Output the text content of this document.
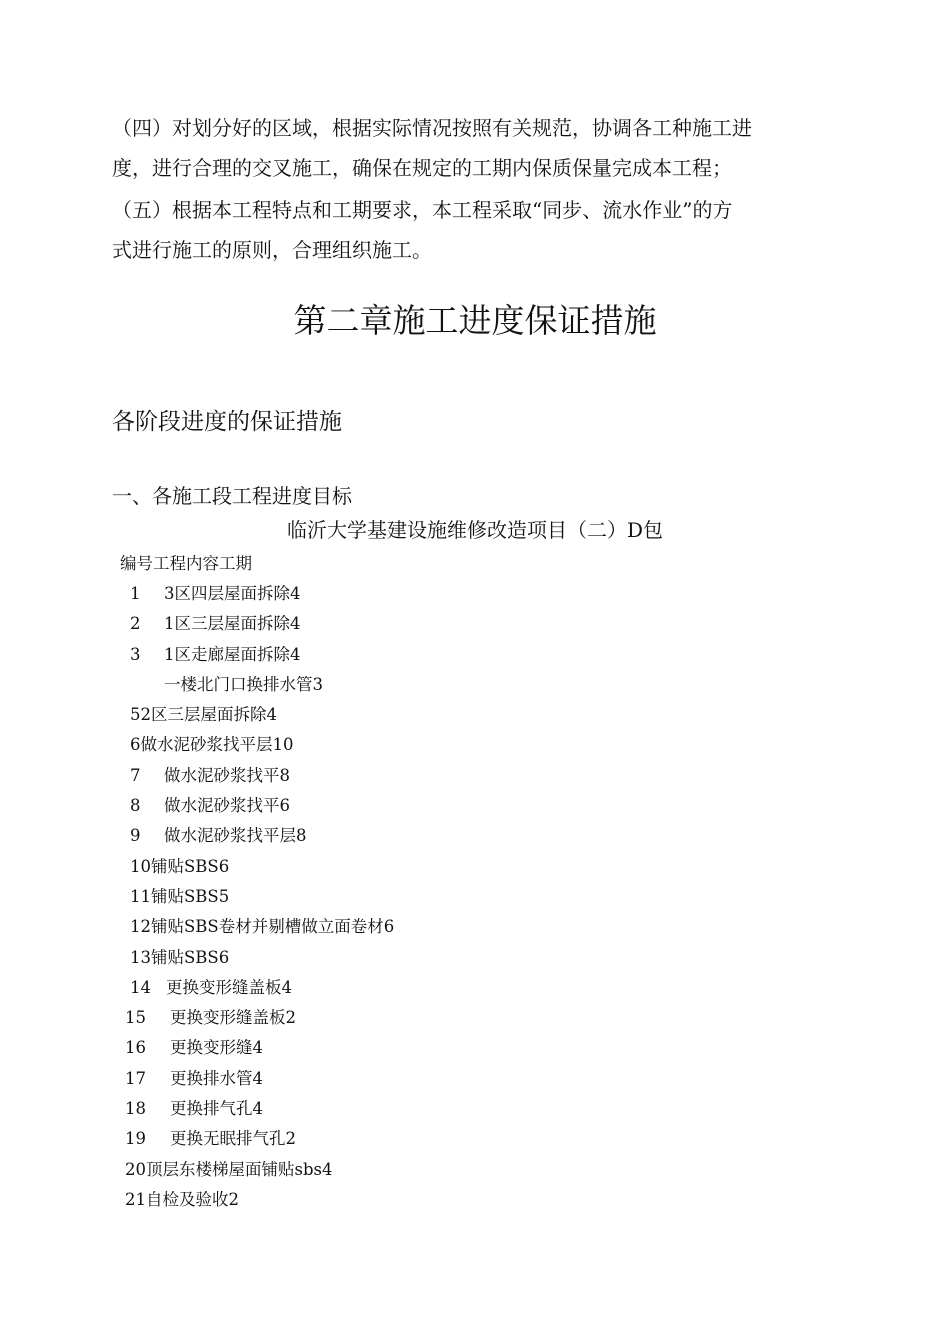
（四）对划分好的区域，根据实际情况按照有关规范，协调各工种施工进

度，进行合理的交叉施工，确保在规定的工期内保质保量完成本工程；

（五）根据本工程特点和工期要求，本工程采取“同步、流水作业”的方

式进行施工的原则，合理组织施工。

第二章施工进度保证措施
各阶段进度的保证措施
一、各施工段工程进度目标
临沂大学基建设施维修改造项目（二）D包
编号工程内容工期
1 3区四层屋面拆除4
2 1区三层屋面拆除4
3 1区走廊屋面拆除4
一楼北门口换排水管3
52区三层屋面拆除4
6做水泥砂浆找平层10
7 做水泥砂浆找平8
8 做水泥砂浆找平6
9 做水泥砂浆找平层8
10铺贴SBS6
11铺贴SBS5
12铺贴SBS卷材并剔槽做立面卷材6
13铺贴SBS6
14 更换变形缝盖板4
15 更换变形缝盖板2
16 更换变形缝4
17 更换排水管4
18 更换排气孔4
19 更换无眠排气孔2
20顶层东楼梯屋面铺贴sbs4
21自检及验收2
